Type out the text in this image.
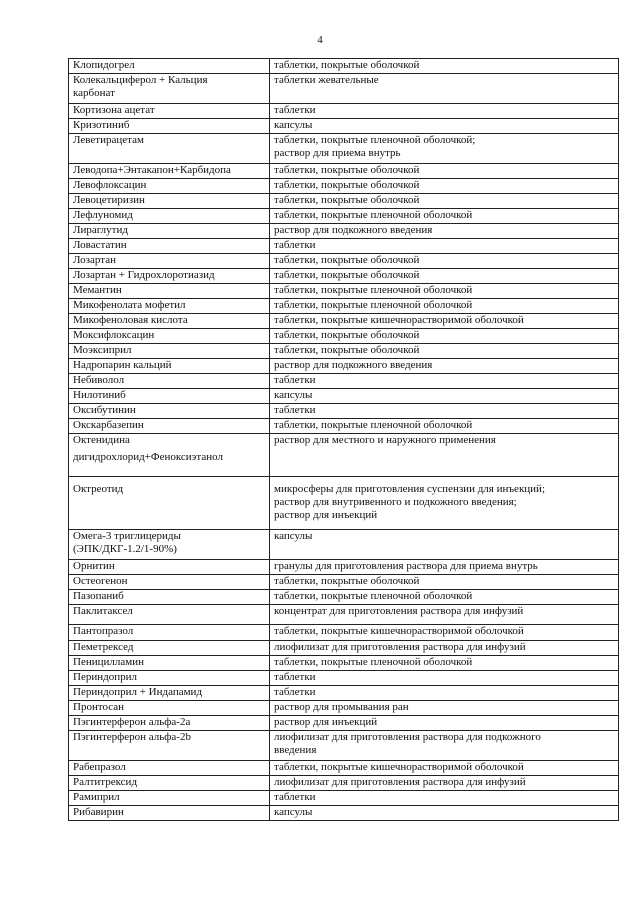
4
Клопидогрел	таблетки, покрытые оболочкой

Колекальциферол + Кальция
карбонат	таблетки жевательные

Кортизона ацетат	таблетки

Кризотиниб	капсулы

Леветирацетам	таблетки, покрытые пленочной оболочкой;
раствор для приема внутрь

Леводопа+Энтакапон+Карбидопа	таблетки, покрытые оболочкой

Левофлоксацин	таблетки, покрытые оболочкой

Левоцетиризин	таблетки, покрытые оболочкой

Лефлуномид	таблетки, покрытые пленочной оболочкой

Лираглутид	раствор для подкожного введения

Ловастатин	таблетки

Лозартан	таблетки, покрытые оболочкой

Лозартан + Гидрохлоротиазид	таблетки, покрытые оболочкой

Мемантин	таблетки, покрытые пленочной оболочкой

Микофенолата мофетил	таблетки, покрытые пленочной оболочкой

Микофеноловая кислота	таблетки, покрытые кишечнорастворимой оболочкой

Моксифлоксацин	таблетки, покрытые оболочкой

Моэксиприл	таблетки, покрытые оболочкой

Надропарин кальций	раствор для подкожного введения

Небиволол	таблетки

Нилотиниб	капсулы

Оксибутинин	таблетки

Окскарбазепин	таблетки, покрытые пленочной оболочкой

Октенидина
дигидрохлорид+Феноксиэтанол	раствор для местного и наружного применения

Октреотид	микросферы для приготовления суспензии для инъекций;
раствор для внутривенного и подкожного введения;
раствор для инъекций

Омега-3 триглицериды
(ЭПК/ДКГ-1.2/1-90%)	капсулы

Орнитин	гранулы для приготовления раствора для приема внутрь

Остеогенон	таблетки, покрытые оболочкой

Пазопаниб	таблетки, покрытые пленочной оболочкой

Паклитаксел	концентрат для приготовления раствора для инфузий

Пантопразол	таблетки, покрытые кишечнорастворимой оболочкой

Пеметрексед	лиофилизат для приготовления раствора для инфузий

Пеницилламин	таблетки, покрытые пленочной оболочкой

Периндоприл	таблетки

Периндоприл + Индапамид	таблетки

Пронтосан	раствор для промывания ран

Пэгинтерферон альфа-2а	раствор для инъекций

Пэгинтерферон альфа-2b	лиофилизат для приготовления раствора для подкожного
введения

Рабепразол	таблетки, покрытые кишечнорастворимой оболочкой

Ралтитрексид	лиофилизат для приготовления раствора для инфузий

Рамиприл	таблетки

Рибавирин	капсулы
